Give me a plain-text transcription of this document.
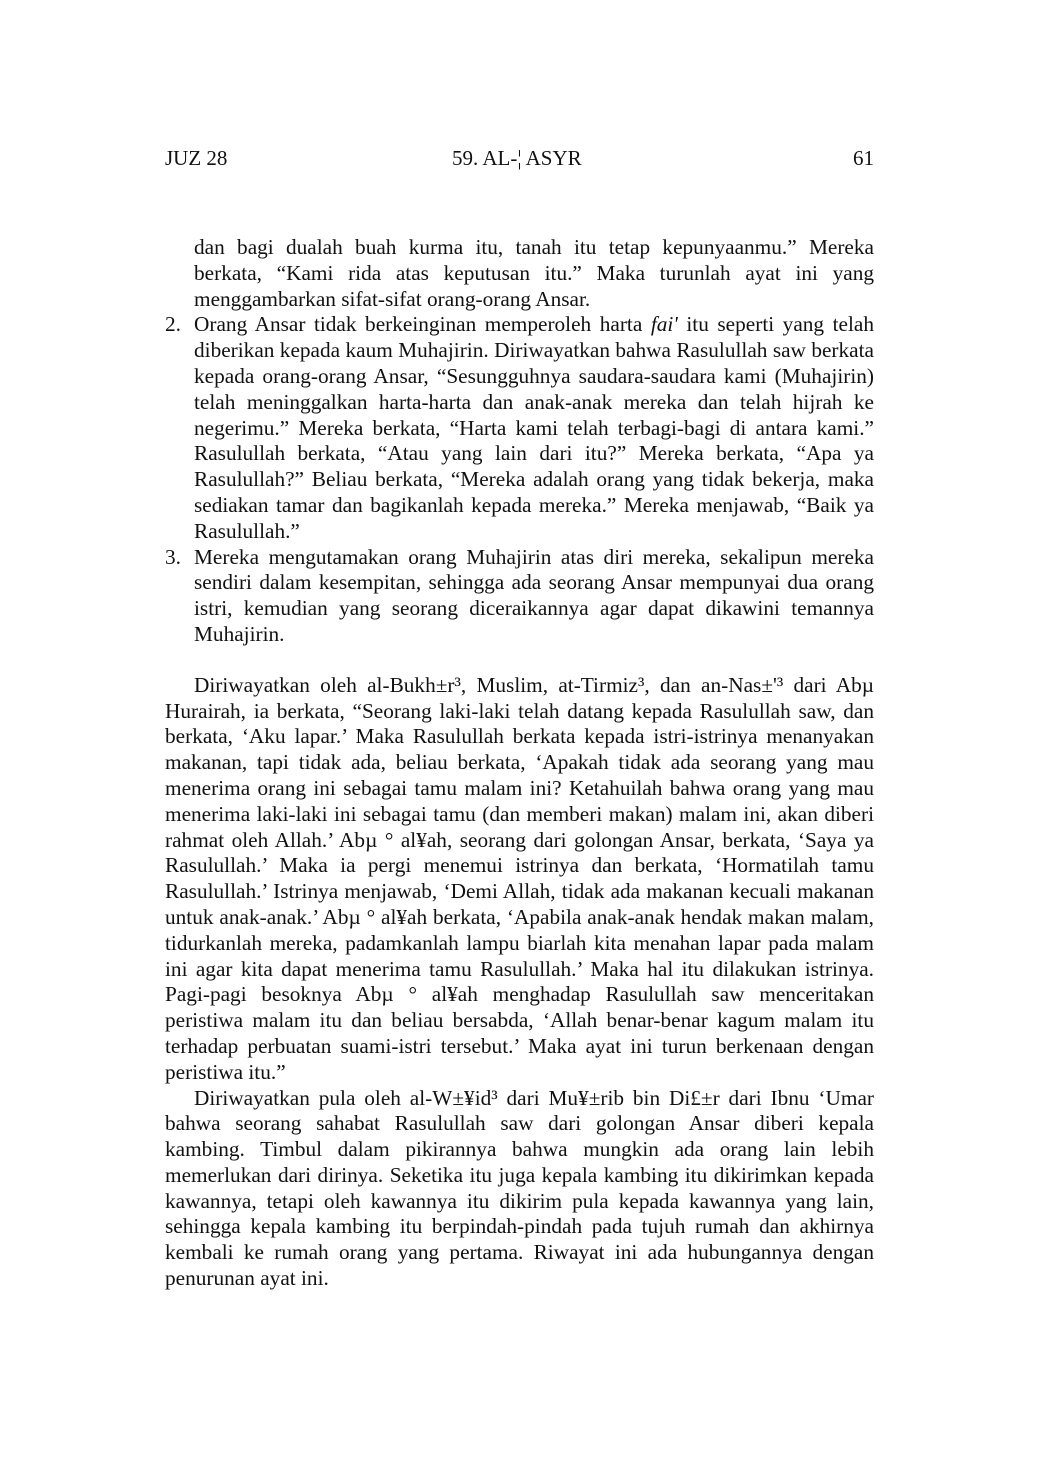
JUZ 28	59. AL-¦ ASYR	61

dan bagi dualah buah kurma itu, tanah itu tetap kepunyaanmu.” Mereka berkata, “Kami rida atas keputusan itu.” Maka turunlah ayat ini yang menggambarkan sifat-sifat orang-orang Ansar.

2. Orang Ansar tidak berkeinginan memperoleh harta fai' itu seperti yang telah diberikan kepada kaum Muhajirin. Diriwayatkan bahwa Rasulullah saw berkata kepada orang-orang Ansar, “Sesungguhnya saudara-saudara kami (Muhajirin) telah meninggalkan harta-harta dan anak-anak mereka dan telah hijrah ke negerimu.” Mereka berkata, “Harta kami telah terbagi-bagi di antara kami.” Rasulullah berkata, “Atau yang lain dari itu?” Mereka berkata, “Apa ya Rasulullah?” Beliau berkata, “Mereka adalah orang yang tidak bekerja, maka sediakan tamar dan bagikanlah kepada mereka.” Mereka menjawab, “Baik ya Rasulullah.”

3. Mereka mengutamakan orang Muhajirin atas diri mereka, sekalipun mereka sendiri dalam kesempitan, sehingga ada seorang Ansar mempunyai dua orang istri, kemudian yang seorang diceraikannya agar dapat dikawini temannya Muhajirin.

Diriwayatkan oleh al-Bukh±r³, Muslim, at-Tirmiz³, dan an-Nas±'³ dari Abµ Hurairah, ia berkata, “Seorang laki-laki telah datang kepada Rasulullah saw, dan berkata, ‘Aku lapar.’ Maka Rasulullah berkata kepada istri-istrinya menanyakan makanan, tapi tidak ada, beliau berkata, ‘Apakah tidak ada seorang yang mau menerima orang ini sebagai tamu malam ini? Ketahuilah bahwa orang yang mau menerima laki-laki ini sebagai tamu (dan memberi makan) malam ini, akan diberi rahmat oleh Allah.’ Abµ ° al¥ah, seorang dari golongan Ansar, berkata, ‘Saya ya Rasulullah.’ Maka ia pergi menemui istrinya dan berkata, ‘Hormatilah tamu Rasulullah.’ Istrinya menjawab, ‘Demi Allah, tidak ada makanan kecuali makanan untuk anak-anak.’ Abµ ° al¥ah berkata, ‘Apabila anak-anak hendak makan malam, tidurkanlah mereka, padamkanlah lampu biarlah kita menahan lapar pada malam ini agar kita dapat menerima tamu Rasulullah.’ Maka hal itu dilakukan istrinya. Pagi-pagi besoknya Abµ ° al¥ah menghadap Rasulullah saw menceritakan peristiwa malam itu dan beliau bersabda, ‘Allah benar-benar kagum malam itu terhadap perbuatan suami-istri tersebut.’ Maka ayat ini turun berkenaan dengan peristiwa itu.”

Diriwayatkan pula oleh al-W±¥id³ dari Mu¥±rib bin Di£±r dari Ibnu ‘Umar bahwa seorang sahabat Rasulullah saw dari golongan Ansar diberi kepala kambing. Timbul dalam pikirannya bahwa mungkin ada orang lain lebih memerlukan dari dirinya. Seketika itu juga kepala kambing itu dikirimkan kepada kawannya, tetapi oleh kawannya itu dikirim pula kepada kawannya yang lain, sehingga kepala kambing itu berpindah-pindah pada tujuh rumah dan akhirnya kembali ke rumah orang yang pertama. Riwayat ini ada hubungannya dengan penurunan ayat ini.
